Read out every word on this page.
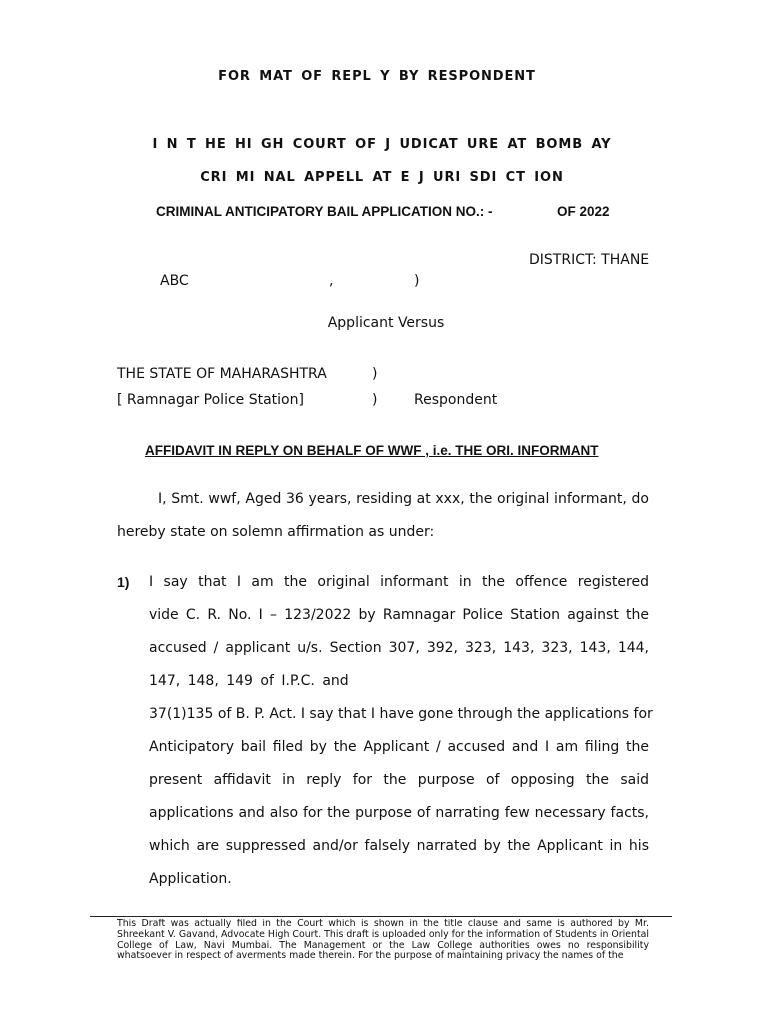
FOR MAT OF REPL Y BY RESPONDENT
I N T HE HI GH COURT OF J UDICAT URE AT BOMB AY
CRI MI NAL APPELL AT E J URI SDI CT ION
CRIMINAL ANTICIPATORY BAIL APPLICATION NO.: -	OF 2022
DISTRICT: THANE
ABC	,	)
Applicant Versus
THE STATE OF MAHARASHTRA	)
[ Ramnagar Police Station]	)	Respondent
AFFIDAVIT IN REPLY ON BEHALF OF WWF , i.e. THE ORI. INFORMANT
I, Smt. wwf, Aged 36 years, residing at xxx, the original informant, do
hereby state on solemn affirmation as under:
1) I say that I am the original informant in the offence registered
vide C. R. No. I – 123/2022 by Ramnagar Police Station against the
accused / applicant u/s. Section 307, 392, 323, 143, 323, 143, 144,
147, 148, 149 of I.P.C. and
37(1)135 of B. P. Act. I say that I have gone through the applications for
Anticipatory bail filed by the Applicant / accused and I am filing the
present affidavit in reply for the purpose of opposing the said
applications and also for the purpose of narrating few necessary facts,
which are suppressed and/or falsely narrated by the Applicant in his
Application.
This Draft was actually filed in the Court which is shown in the title clause and same is authored by Mr. Shreekant V. Gavand, Advocate High Court. This draft is uploaded only for the information of Students in Oriental College of Law, Navi Mumbai. The Management or the Law College authorities owes no responsibility whatsoever in respect of averments made therein. For the purpose of maintaining privacy the names of the
